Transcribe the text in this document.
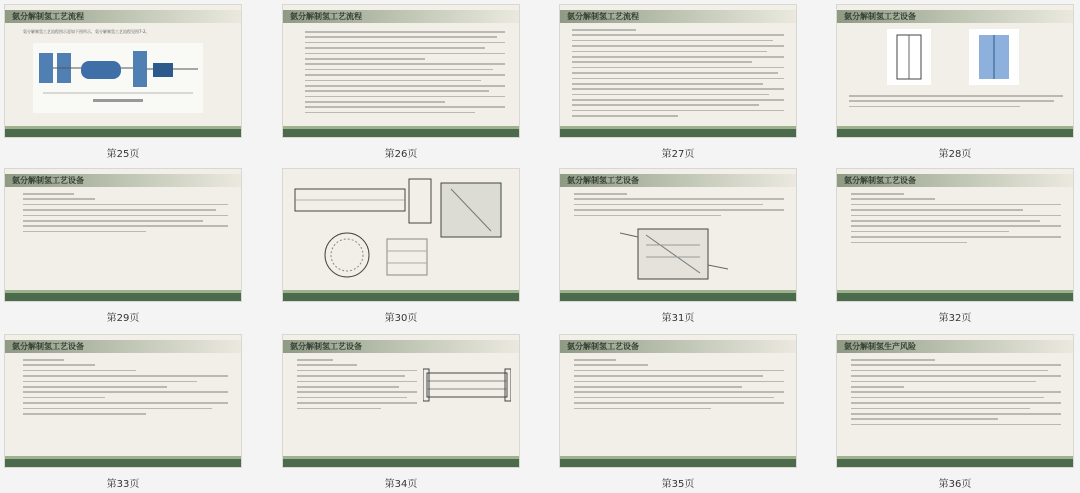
氨分解制氢工艺流程
氨分解制氢工艺流程图示意如下图所示，氨分解制氢工艺流程见图7-2。
第25页
氨分解制氢工艺流程
第26页
氨分解制氢工艺流程
第27页
氨分解制氢工艺设备
第28页
氨分解制氢工艺设备
第29页	第30页
氨分解制氢工艺设备
第31页
氨分解制氢工艺设备
第32页
氨分解制氢工艺设备
第33页
氨分解制氢工艺设备
第34页
氨分解制氢工艺设备
第35页
氨分解制氢生产风险
第36页
